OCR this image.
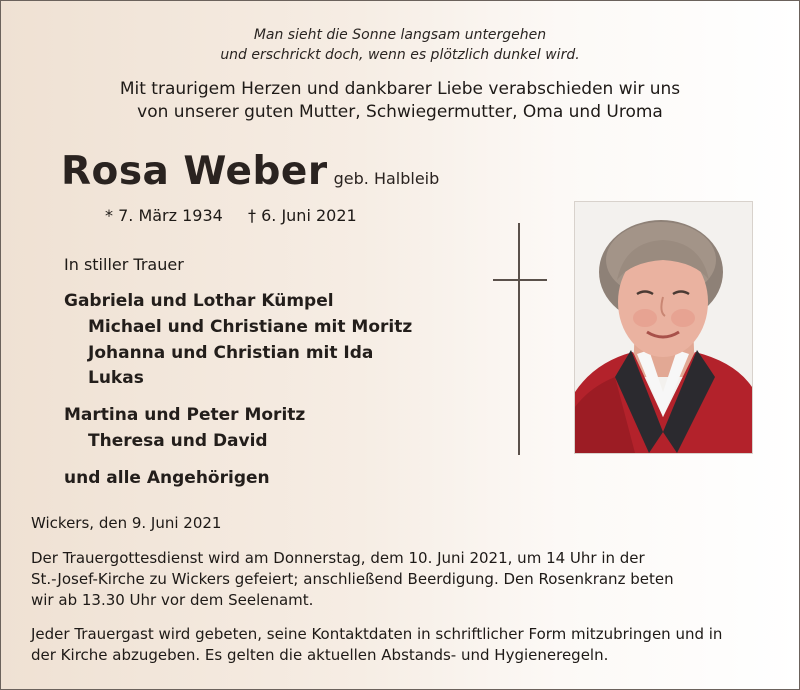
Man sieht die Sonne langsam untergehen
und erschrickt doch, wenn es plötzlich dunkel wird.
Mit traurigem Herzen und dankbarer Liebe verabschieden wir uns
von unserer guten Mutter, Schwiegermutter, Oma und Uroma
Rosa Weber geb. Halbleib
* 7. März 1934 † 6. Juni 2021
In stiller Trauer
Gabriela und Lothar Kümpel
Michael und Christiane mit Moritz
Johanna und Christian mit Ida
Lukas
Martina und Peter Moritz
Theresa und David
und alle Angehörigen
Wickers, den 9. Juni 2021
Der Trauergottesdienst wird am Donnerstag, dem 10. Juni 2021, um 14 Uhr in der
St.-Josef-Kirche zu Wickers gefeiert; anschließend Beerdigung. Den Rosenkranz beten
wir ab 13.30 Uhr vor dem Seelenamt.
Jeder Trauergast wird gebeten, seine Kontaktdaten in schriftlicher Form mitzubringen und in
der Kirche abzugeben. Es gelten die aktuellen Abstands- und Hygieneregeln.
